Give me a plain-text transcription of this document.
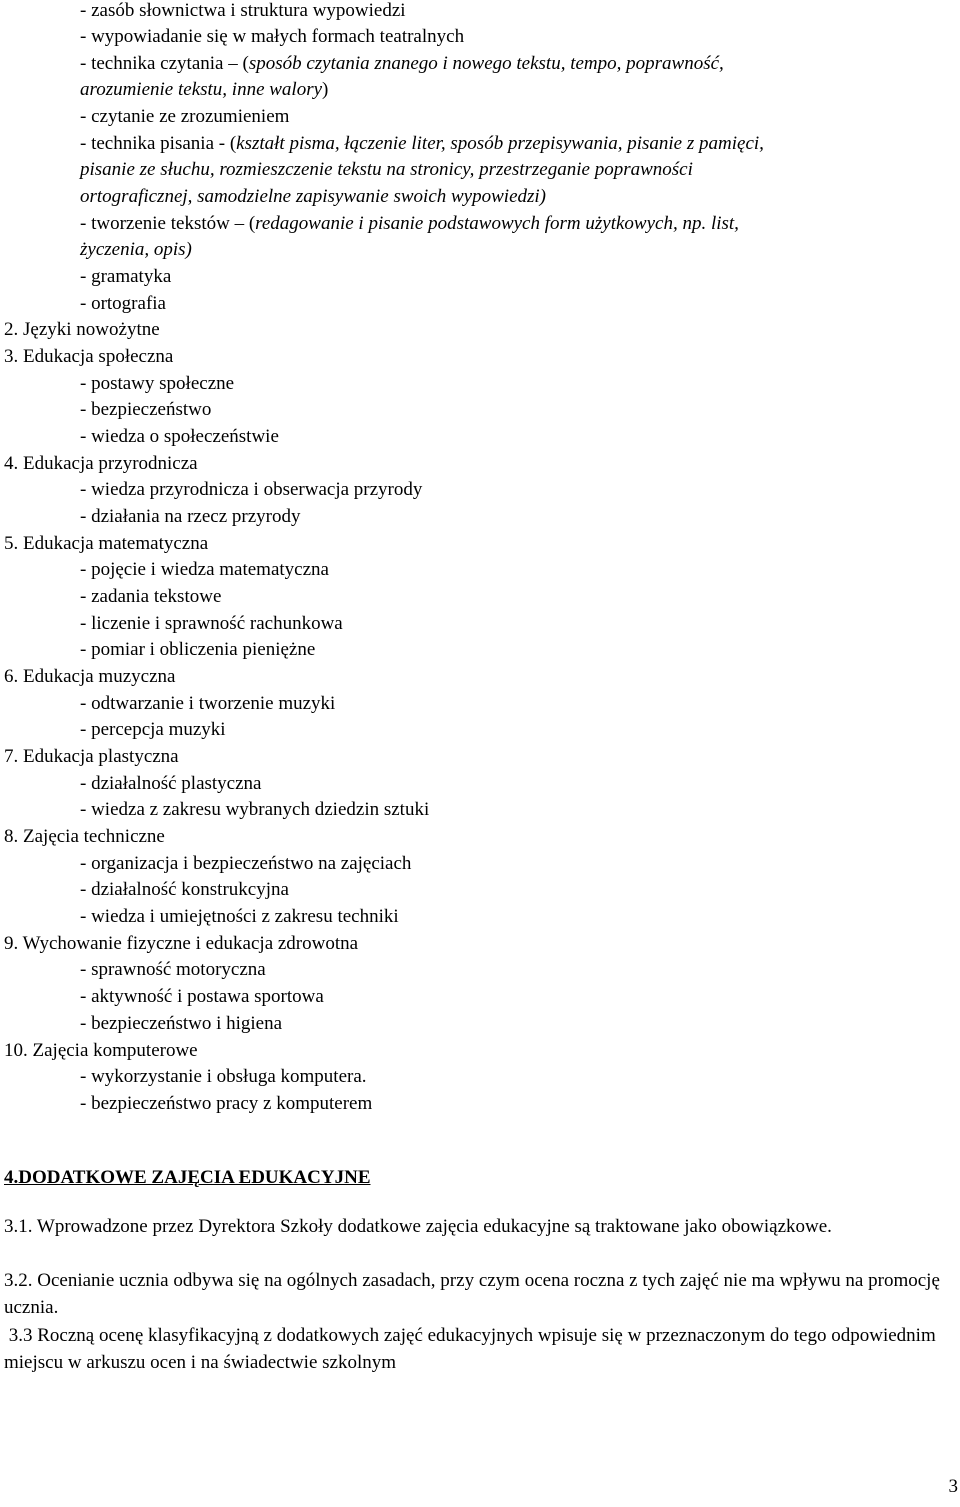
- zasób słownictwa i struktura wypowiedzi
- wypowiadanie się w małych formach teatralnych
- technika czytania – (sposób czytania znanego i nowego tekstu, tempo, poprawność,
arozumienie tekstu, inne walory)
- czytanie ze zrozumieniem
- technika pisania - (kształt pisma, łączenie liter, sposób przepisywania, pisanie z pamięci,
pisanie ze słuchu, rozmieszczenie tekstu na stronicy, przestrzeganie poprawności
ortograficznej, samodzielne zapisywanie swoich wypowiedzi)
- tworzenie tekstów – (redagowanie i pisanie podstawowych form użytkowych, np. list,
życzenia, opis)
- gramatyka
- ortografia
2. Języki nowożytne
3. Edukacja społeczna
- postawy społeczne
- bezpieczeństwo
- wiedza o społeczeństwie
4. Edukacja przyrodnicza
- wiedza przyrodnicza i obserwacja przyrody
- działania na rzecz przyrody
5. Edukacja matematyczna
- pojęcie i wiedza matematyczna
- zadania tekstowe
- liczenie i sprawność rachunkowa
- pomiar i obliczenia pieniężne
6. Edukacja muzyczna
- odtwarzanie i tworzenie muzyki
- percepcja muzyki
7. Edukacja plastyczna
- działalność plastyczna
- wiedza z zakresu wybranych dziedzin sztuki
8. Zajęcia techniczne
- organizacja i bezpieczeństwo na zajęciach
- działalność konstrukcyjna
- wiedza i umiejętności z zakresu techniki
9. Wychowanie fizyczne i edukacja zdrowotna
- sprawność motoryczna
- aktywność i postawa sportowa
- bezpieczeństwo i higiena
10. Zajęcia komputerowe
- wykorzystanie i obsługa komputera.
- bezpieczeństwo pracy z komputerem
4.DODATKOWE ZAJĘCIA EDUKACYJNE
3.1. Wprowadzone przez Dyrektora Szkoły dodatkowe zajęcia edukacyjne są traktowane jako obowiązkowe.
3.2. Ocenianie ucznia odbywa się na ogólnych zasadach, przy czym ocena roczna z tych zajęć nie ma wpływu na promocję ucznia.
3.3 Roczną ocenę klasyfikacyjną z dodatkowych zajęć edukacyjnych wpisuje się w przeznaczonym do tego odpowiednim miejscu w arkuszu ocen i na świadectwie szkolnym
3
